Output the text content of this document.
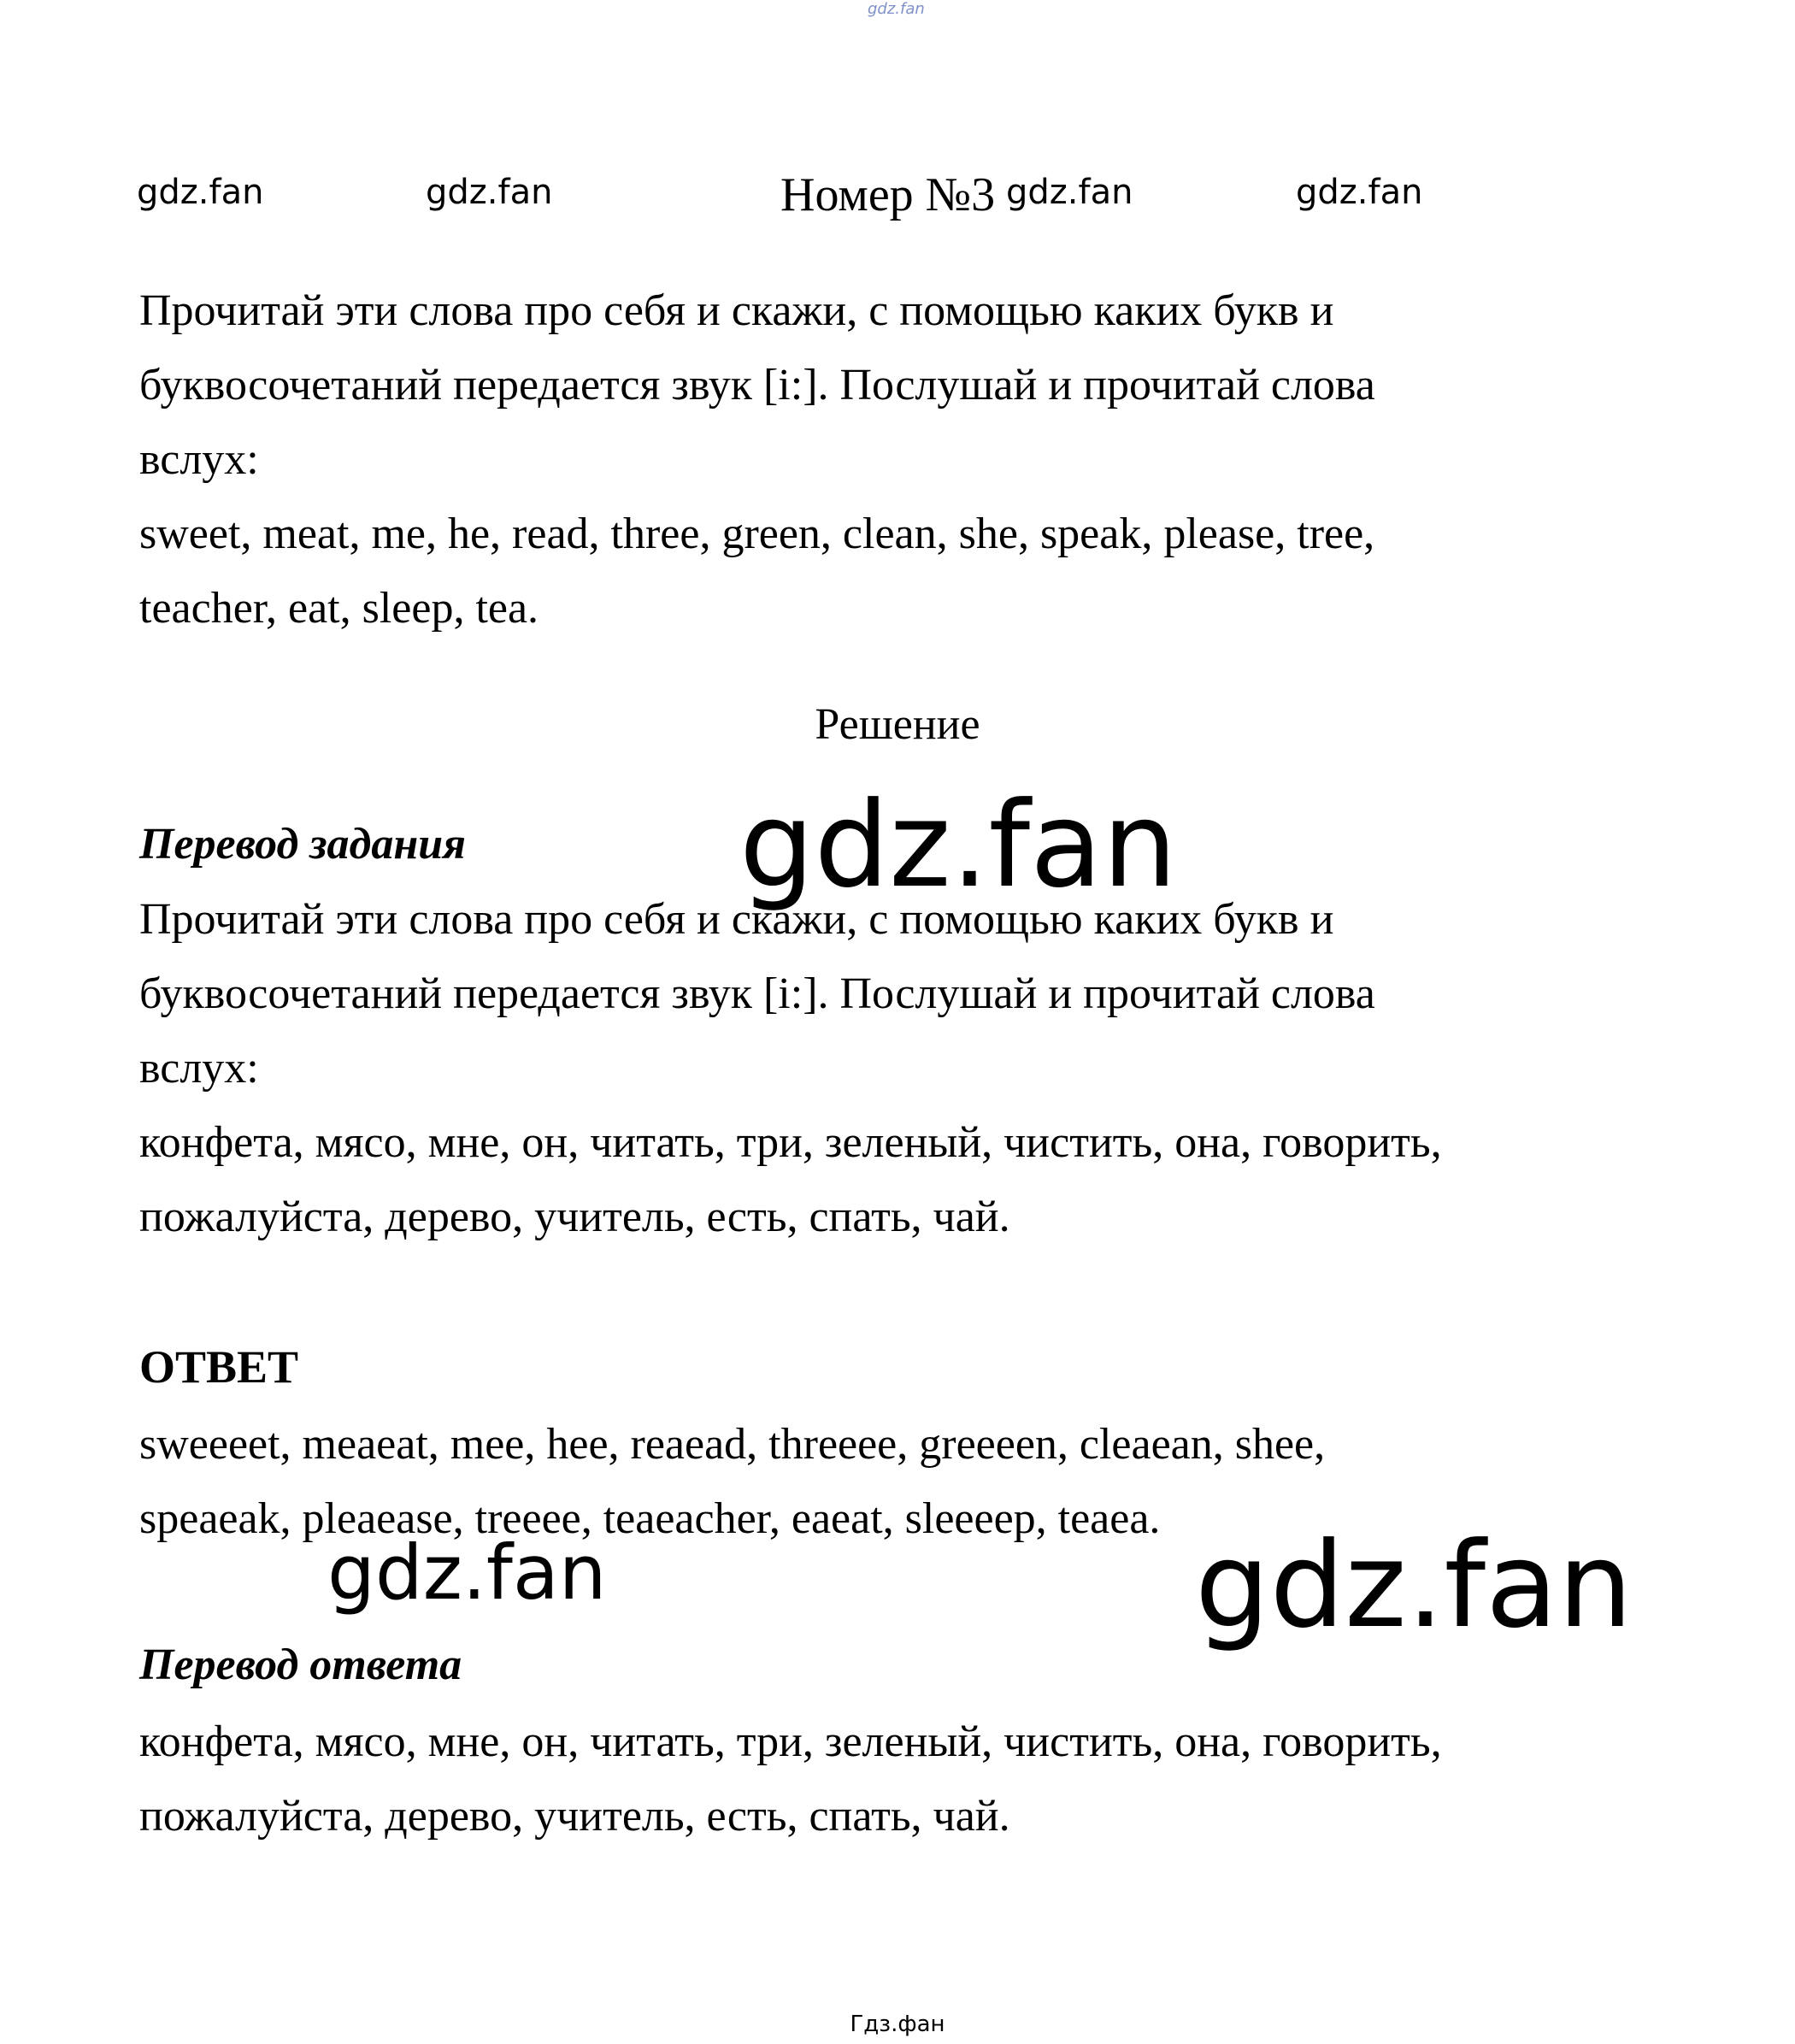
gdz.fan
gdz.fan	gdz.fan	Номер №3 gdz.fan	gdz.fan
Прочитай эти слова про себя и скажи, с помощью каких букв и
буквосочетаний передается звук [i:]. Послушай и прочитай слова
вслух:
sweet, meat, me, he, read, three, green, clean, she, speak, please, tree,
teacher, eat, sleep, tea.
Решение
Перевод задания
Прочитай эти слова про себя и скажи, с помощью каких букв и
буквосочетаний передается звук [i:]. Послушай и прочитай слова
вслух:
конфета, мясо, мне, он, читать, три, зеленый, чистить, она, говорить,
пожалуйста, дерево, учитель, есть, спать, чай.
ОТВЕТ
sweeeet, meaeat, mee, hee, reaead, threeee, greeeen, cleaean, shee,
speaeak, pleaease, treeee, teaeacher, eaeat, sleeeep, teaea.
Перевод ответа
конфета, мясо, мне, он, читать, три, зеленый, чистить, она, говорить,
пожалуйста, дерево, учитель, есть, спать, чай.
gdz.fan
gdz.fan	gdz.fan
Гдз.фан
